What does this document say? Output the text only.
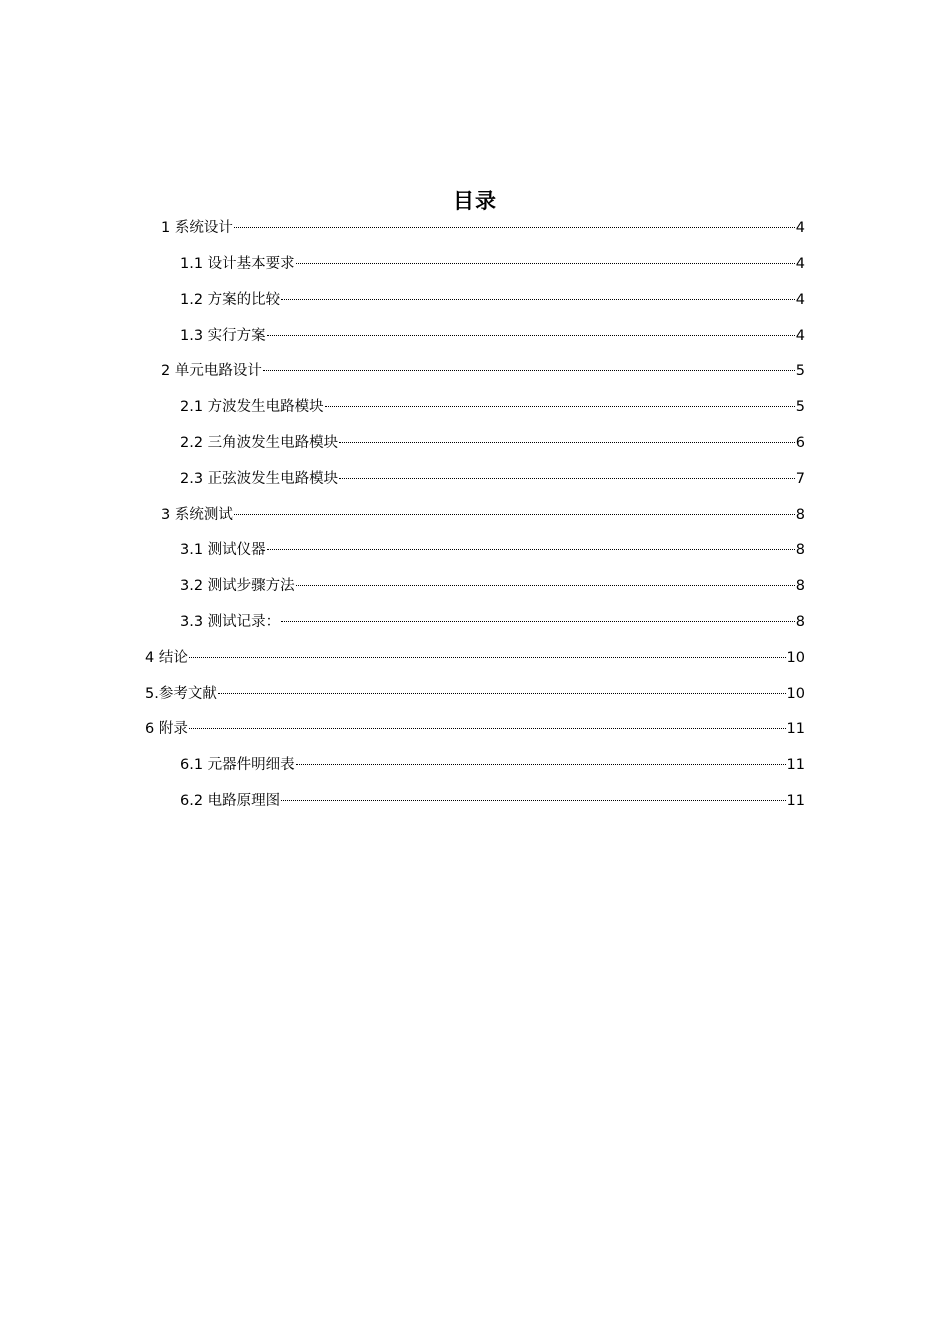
目录
1 系统设计	4
1.1 设计基本要求	4
1.2 方案的比较	4
1.3 实行方案	4
2 单元电路设计	5
2.1 方波发生电路模块	5
2.2 三角波发生电路模块	6
2.3 正弦波发生电路模块	7
3 系统测试	8
3.1 测试仪器	8
3.2 测试步骤方法	8
3.3 测试记录：	8
4 结论	10
5.参考文献	10
6 附录	11
6.1 元器件明细表	11
6.2 电路原理图	11
